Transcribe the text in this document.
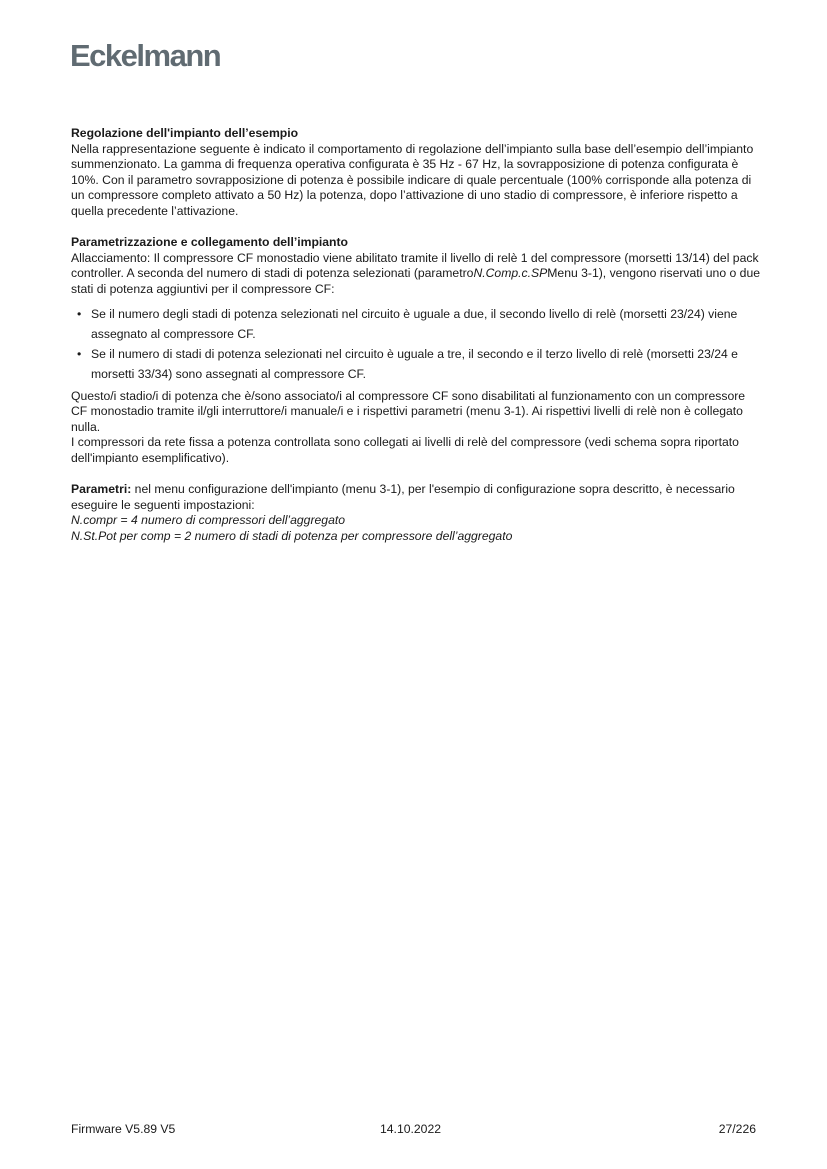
Eckelmann

Regolazione dell'impianto dell’esempio

Nella rappresentazione seguente è indicato il comportamento di regolazione dell’impianto sulla base dell’esempio dell’impianto summenzionato. La gamma di frequenza operativa configurata è 35 Hz - 67 Hz, la sovrapposizione di potenza configurata è 10%. Con il parametro sovrapposizione di potenza è possibile indicare di quale percentuale (100% corrisponde alla potenza di un compressore completo attivato a 50 Hz) la potenza, dopo l’attivazione di uno stadio di compressore, è inferiore rispetto a quella precedente l’attivazione.

Parametrizzazione e collegamento dell’impianto

Allacciamento: Il compressore CF monostadio viene abilitato tramite il livello di relè 1 del compressore (morsetti 13/14) del pack controller. A seconda del numero di stadi di potenza selezionati (parametroN.Comp.c.SPMenu 3-1), vengono riservati uno o due stati di potenza aggiuntivi per il compressore CF:

• Se il numero degli stadi di potenza selezionati nel circuito è uguale a due, il secondo livello di relè (morsetti 23/24) viene assegnato al compressore CF.
• Se il numero di stadi di potenza selezionati nel circuito è uguale a tre, il secondo e il terzo livello di relè (morsetti 23/24 e morsetti 33/34) sono assegnati al compressore CF.

Questo/i stadio/i di potenza che è/sono associato/i al compressore CF sono disabilitati al funzionamento con un compressore CF monostadio tramite il/gli interruttore/i manuale/i e i rispettivi parametri (menu 3-1). Ai rispettivi livelli di relè non è collegato nulla.

I compressori da rete fissa a potenza controllata sono collegati ai livelli di relè del compressore (vedi schema sopra riportato dell'impianto esemplificativo).

Parametri: nel menu configurazione dell'impianto (menu 3-1), per l'esempio di configurazione sopra descritto, è necessario eseguire le seguenti impostazioni:

N.compr = 4 numero di compressori dell’aggregato

N.St.Pot per comp = 2 numero di stadi di potenza per compressore dell’aggregato

Firmware V5.89 V5	14.10.2022	27/226
